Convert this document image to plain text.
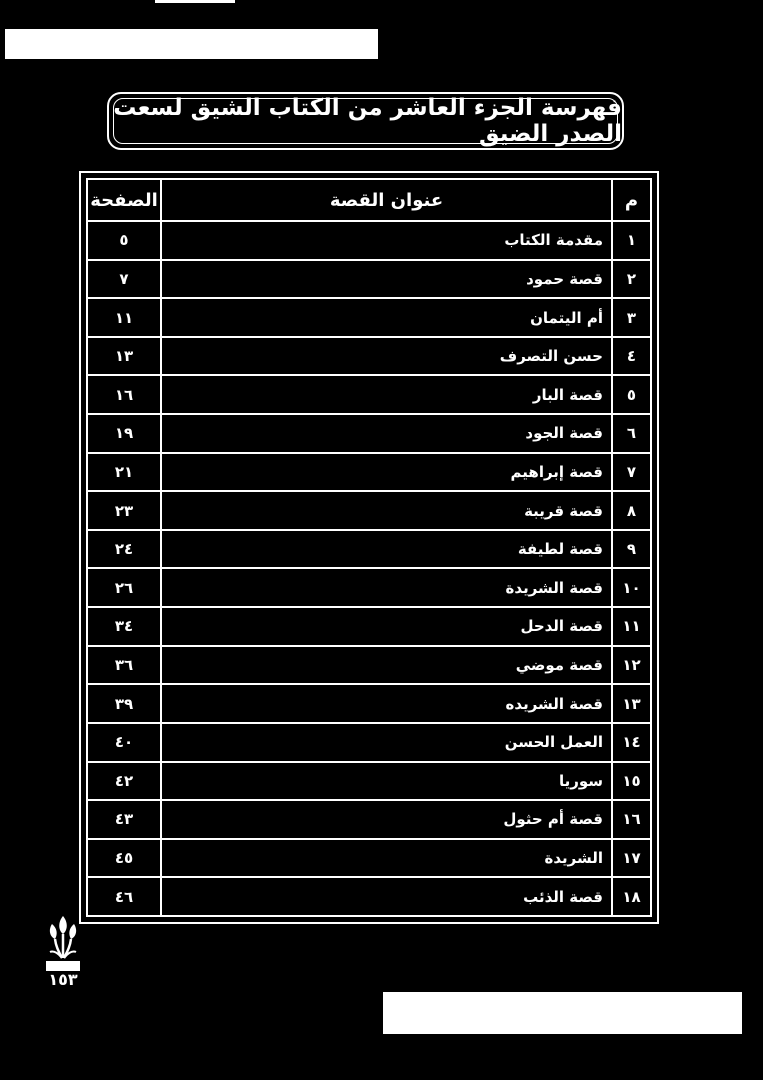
فهرسة الجزء العاشر من الكتاب الشيق لسعت الصدر الضيق
م	عنوان القصة	الصفحة
١	مقدمة الكتاب	٥
٢	قصة حمود	٧
٣	أم اليتمان	١١
٤	حسن التصرف	١٣
٥	قصة البار	١٦
٦	قصة الجود	١٩
٧	قصة إبراهيم	٢١
٨	قصة قريبة	٢٣
٩	قصة لطيفة	٢٤
١٠	قصة الشريدة	٢٦
١١	قصة الدحل	٣٤
١٢	قصة موضي	٣٦
١٣	قصة الشريده	٣٩
١٤	العمل الحسن	٤٠
١٥	سوريا	٤٢
١٦	قصة أم حثول	٤٣
١٧	الشريدة	٤٥
١٨	قصة الذئب	٤٦
١٥٣
